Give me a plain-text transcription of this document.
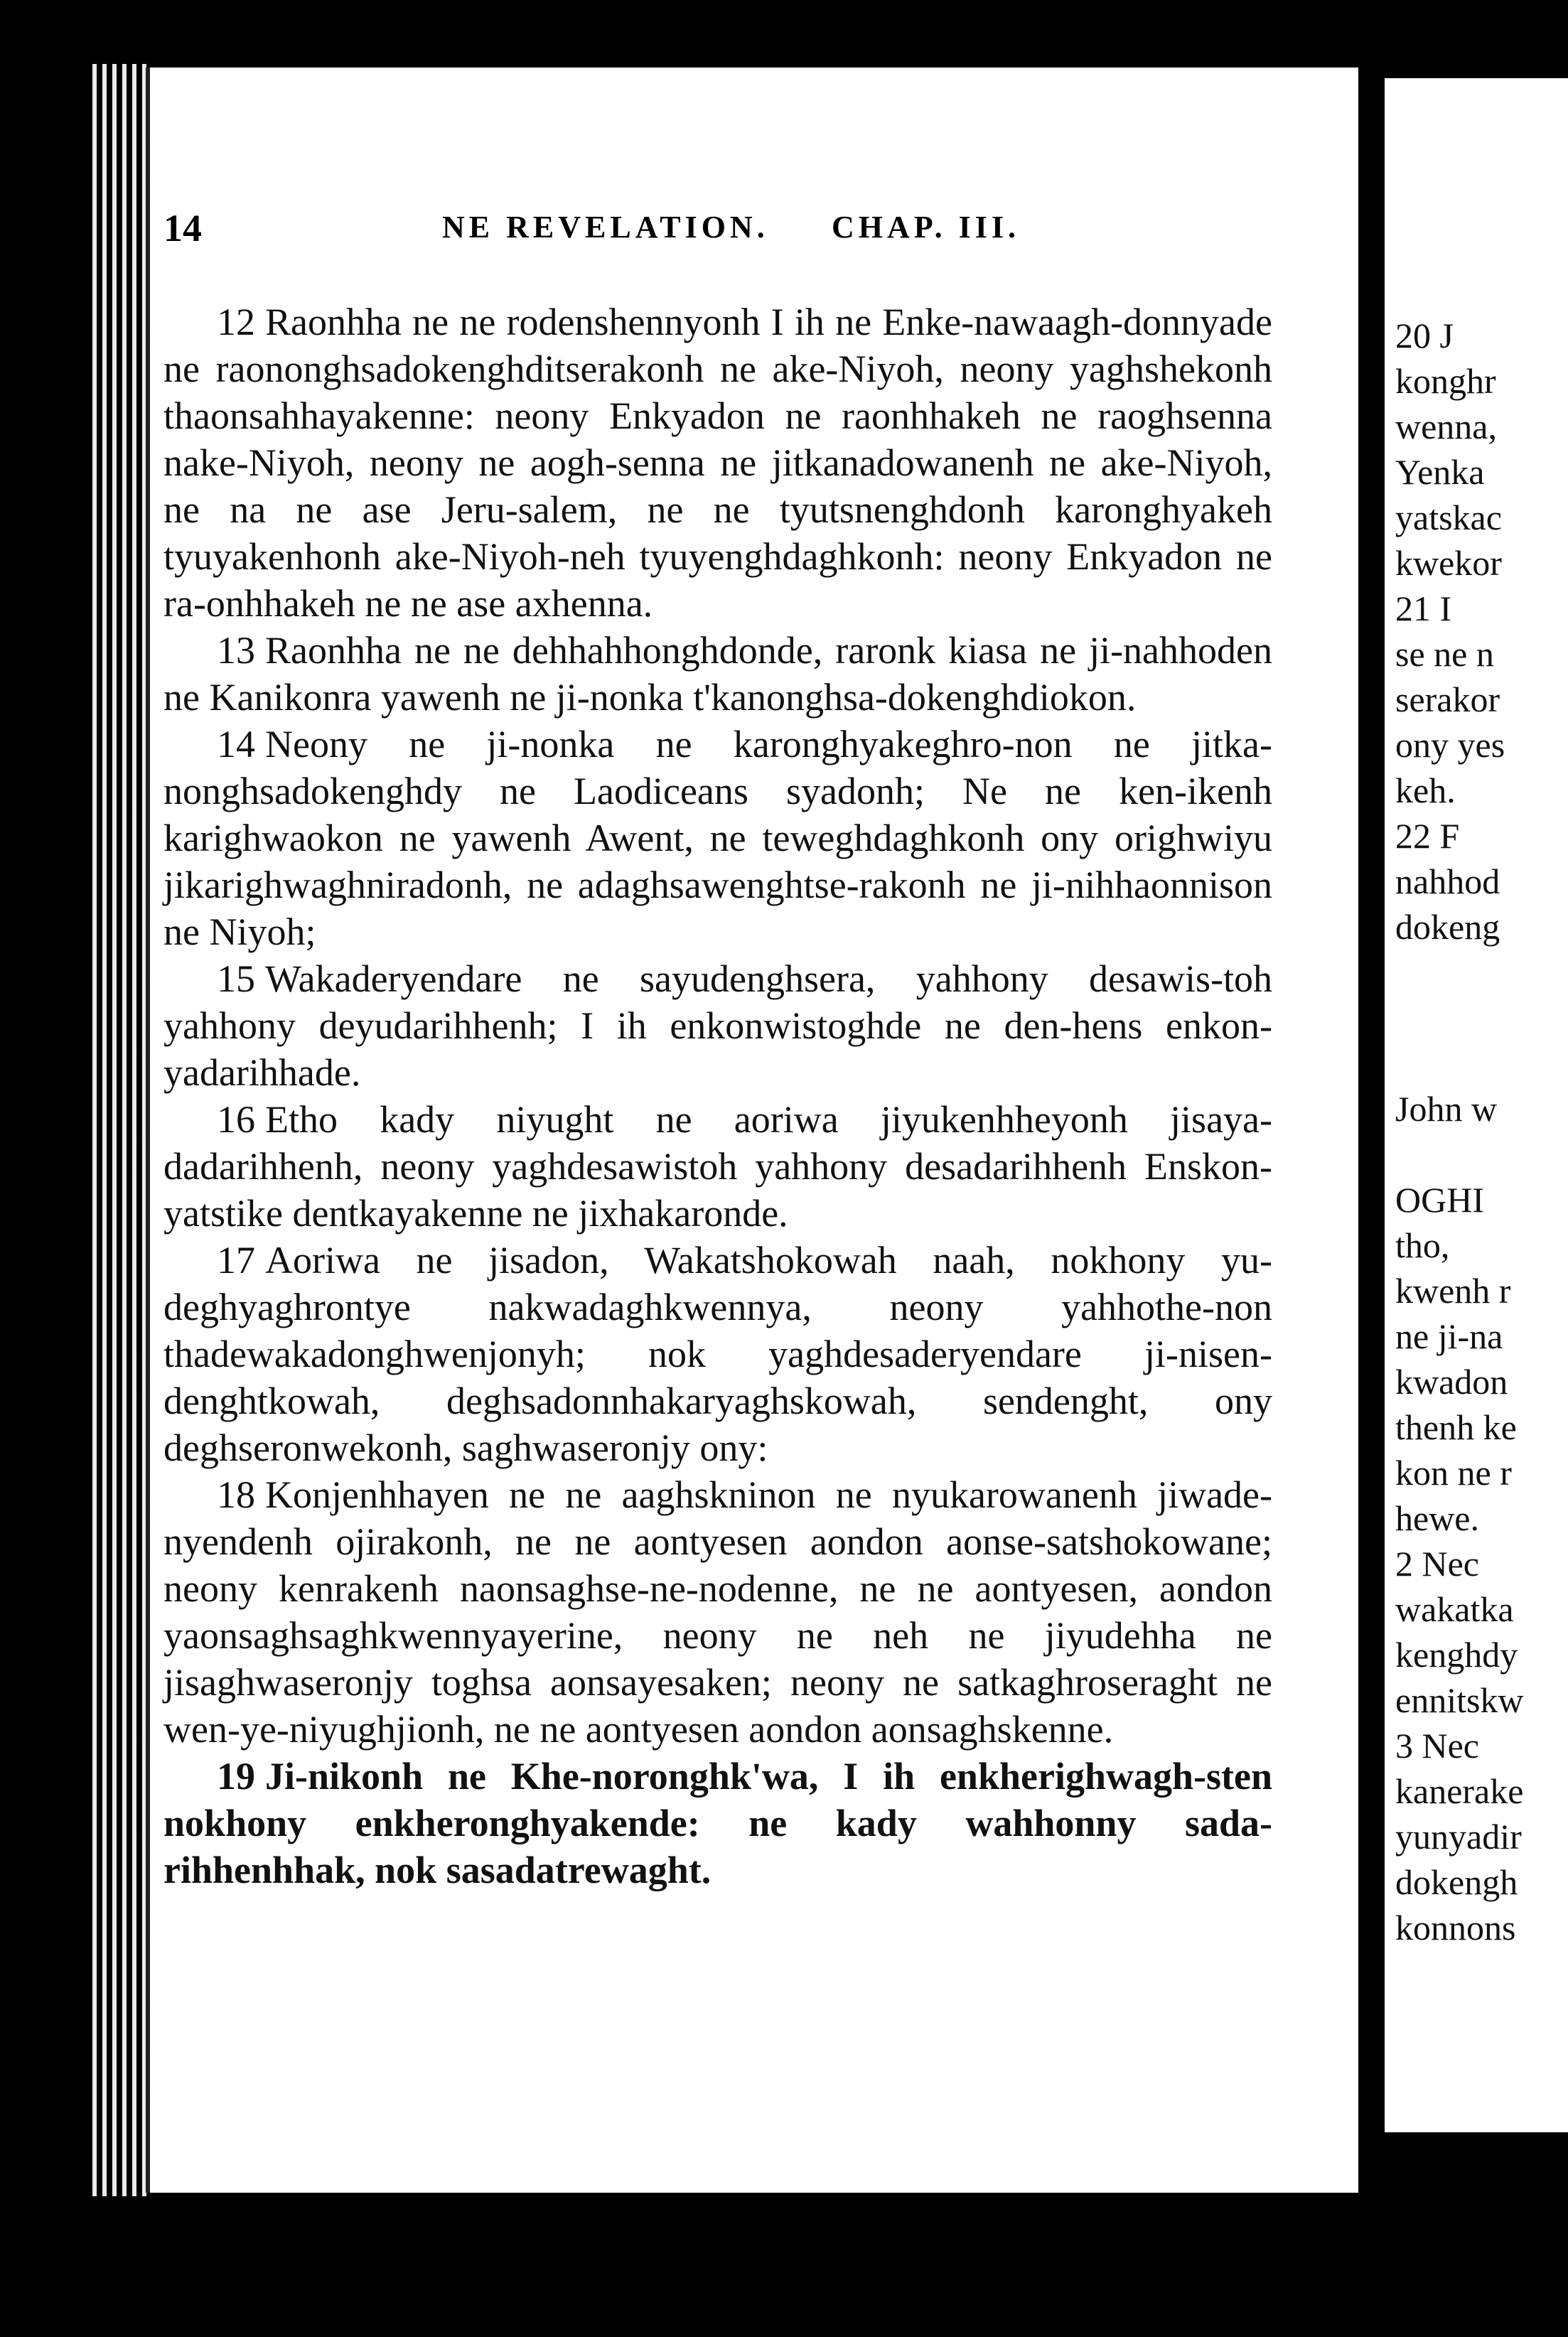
14	NE REVELATION. CHAP. III.

12 Raonhha ne ne rodenshennyonh I ih ne Enke-nawaagh-donnyade ne raononghsadokenghditserakonh ne ake-Niyoh, neony yaghshekonh thaonsahhayakenne: neony Enkyadon ne raonhhakeh ne raoghsenna nake-Niyoh, neony ne aogh-senna ne jitkanadowanenh ne ake-Niyoh, ne na ne ase Jeru-salem, ne ne tyutsnenghdonh karonghyakeh tyuyakenhonh ake-Niyoh-neh tyuyenghdaghkonh: neony Enkyadon ne ra-onhhakeh ne ne ase axhenna.

13 Raonhha ne ne dehhahhonghdonde, raronk kiasa ne ji-nahhoden ne Kanikonra yawenh ne ji-nonka t'kanonghsa-dokenghdiokon.

14 Neony ne ji-nonka ne karonghyakeghro-non ne jitka-nonghsadokenghdy ne Laodiceans syadonh; Ne ne ken-ikenh karighwaokon ne yawenh Awent, ne teweghdaghkonh ony orighwiyu jikarighwaghniradonh, ne adaghsawenghtse-rakonh ne ji-nihhaonnison ne Niyoh;

15 Wakaderyendare ne sayudenghsera, yahhony desawis-toh yahhony deyudarihhenh; I ih enkonwistoghde ne den-hens enkon-yadarihhade.

16 Etho kady niyught ne aoriwa jiyukenhheyonh jisaya-dadarihhenh, neony yaghdesawistoh yahhony desadarihhenh Enskon-yatstike dentkayakenne ne jixhakaronde.

17 Aoriwa ne jisadon, Wakatshokowah naah, nokhony yu-deghyaghrontye nakwadaghkwennya, neony yahhothe-non thadewakadonghwenjonyh; nok yaghdesaderyendare ji-nisen-denghtkowah, deghsadonnhakaryaghskowah, sendenght, ony deghseronwekonh, saghwaseronjy ony:

18 Konjenhhayen ne ne aaghskninon ne nyukarowanenh jiwade-nyendenh ojirakonh, ne ne aontyesen aondon aonse-satshokowane; neony kenrakenh naonsaghse-ne-nodenne, ne ne aontyesen, aondon yaonsaghsaghkwennyayerine, neony ne neh ne jiyudehha ne jisaghwaseronjy toghsa aonsayesaken; neony ne satkaghroseraght ne wen-ye-niyughjionh, ne ne aontyesen aondon aonsaghskenne.

19 Ji-nikonh ne Khe-noronghk'wa, I ih enkherighwagh-sten nokhony enkheronghyakende: ne kady wahhonny sada-rihhenhhak, nok sasadatrewaght.

20 J
konghr
wenna,
Yenka
yatskac
kwekor
21 I
se ne n
serakor
ony yes
keh.
22 F
nahhod
dokeng
John w
OGHI
tho,
kwenh r
ne ji-na
kwadon
thenh ke
kon ne r
hewe.
2 Nec
wakatka
kenghdy
ennitskw
3 Nec
kanerake
yunyadir
dokengh
konnons
